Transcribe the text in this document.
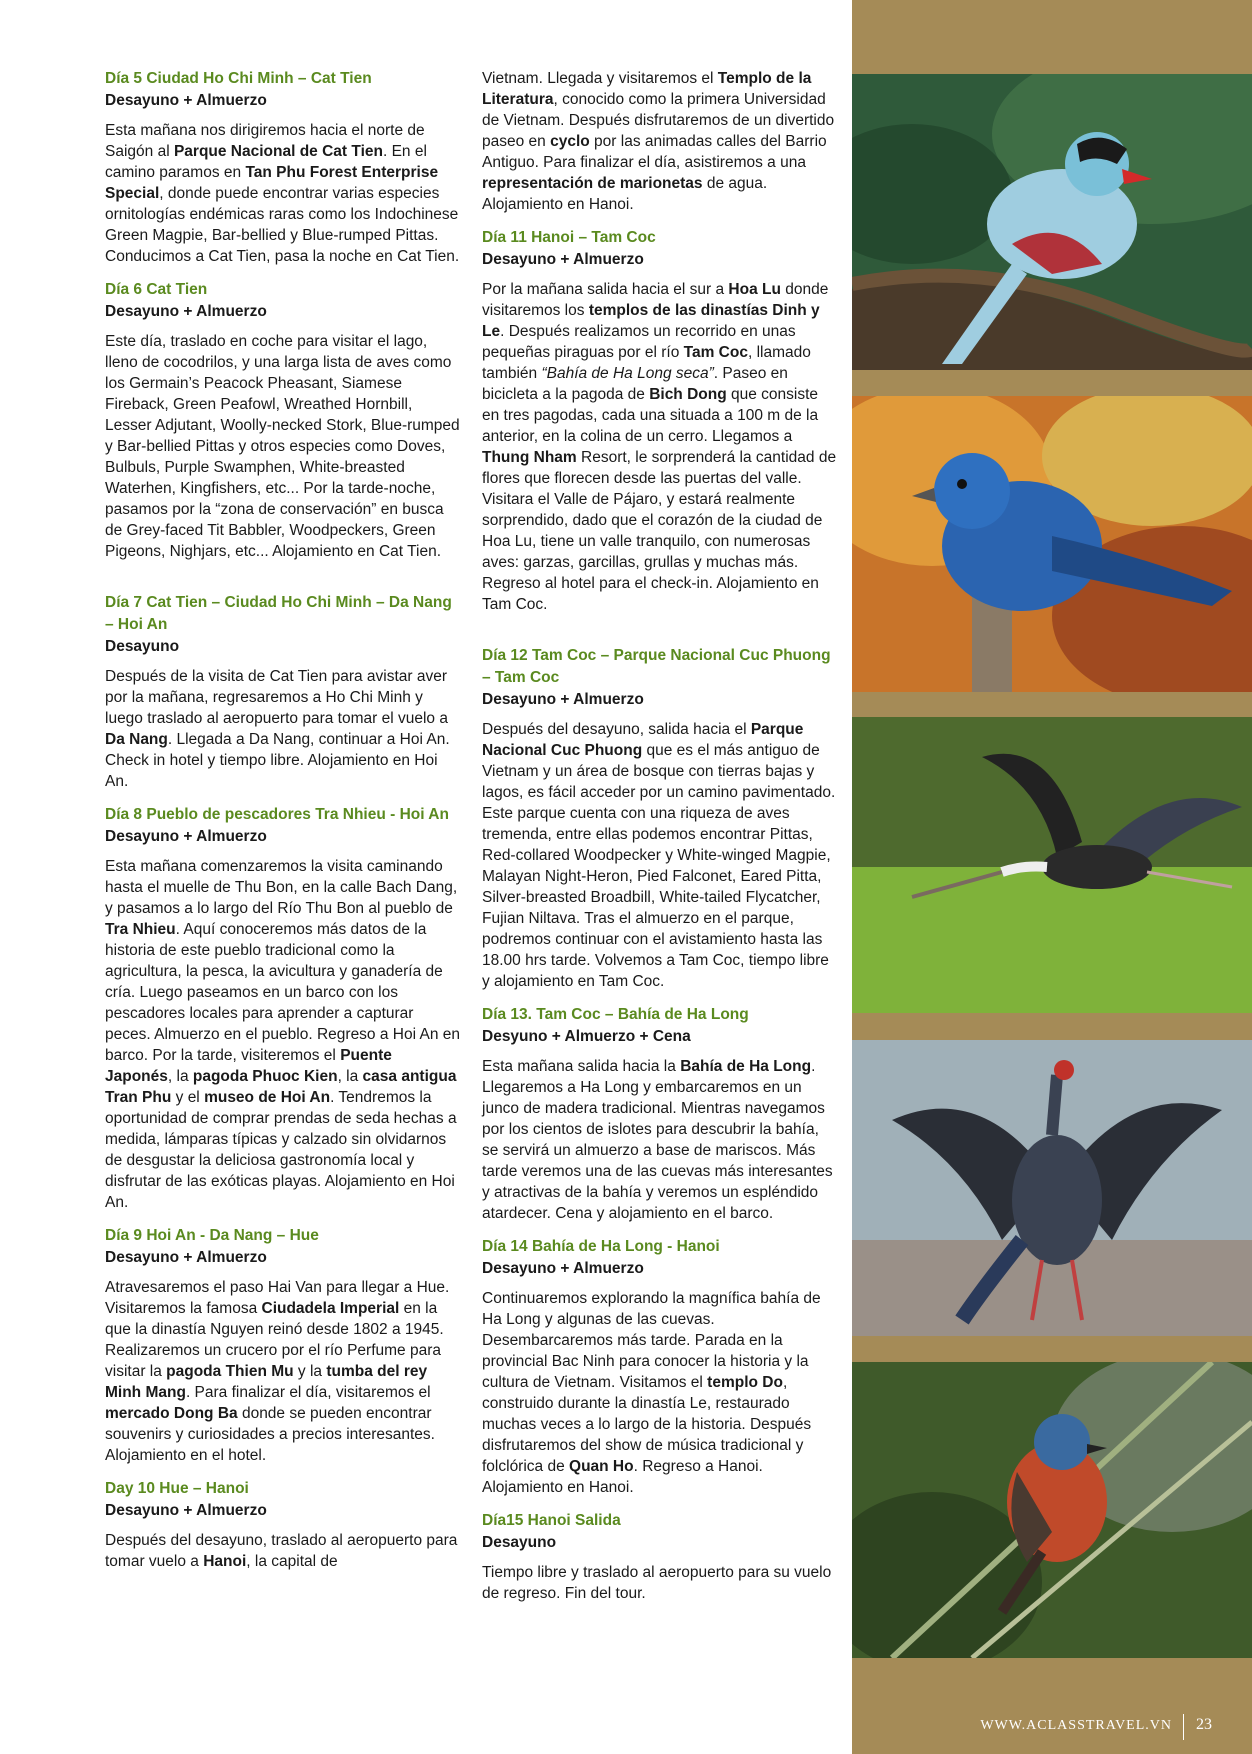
Día 5 Ciudad Ho Chi Minh – Cat Tien

Desayuno + Almuerzo

Esta mañana nos dirigiremos hacia el norte de Saigón al Parque Nacional de Cat Tien. En el camino paramos en Tan Phu Forest Enterprise Special, donde puede encontrar varias especies ornitologías endémicas raras como los Indochinese Green Magpie, Bar-bellied y Blue-rumped Pittas. Conducimos a Cat Tien, pasa la noche en Cat Tien.

Día 6 Cat Tien

Desayuno + Almuerzo

Este día, traslado en coche para visitar el lago, lleno de cocodrilos, y una larga lista de aves como los Germain’s Peacock Pheasant, Siamese Fireback, Green Peafowl, Wreathed Hornbill, Lesser Adjutant, Woolly-necked Stork, Blue-rumped y Bar-bellied Pittas y otros especies como Doves, Bulbuls, Purple Swamphen, White-breasted Waterhen, Kingfishers, etc... Por la tarde-noche, pasamos por la “zona de conservación” en busca de Grey-faced Tit Babbler, Woodpeckers, Green Pigeons, Nighjars, etc... Alojamiento en Cat Tien.

Día 7 Cat Tien – Ciudad Ho Chi Minh – Da Nang – Hoi An

Desayuno

Después de la visita de Cat Tien para avistar aver por la mañana, regresaremos a Ho Chi Minh y luego traslado al aeropuerto para tomar el vuelo a Da Nang. Llegada a Da Nang, continuar a Hoi An. Check in hotel y tiempo libre. Alojamiento en Hoi An.

Día 8 Pueblo de pescadores Tra Nhieu - Hoi An

Desayuno + Almuerzo

Esta mañana comenzaremos la visita caminando hasta el muelle de Thu Bon, en la calle Bach Dang, y pasamos a lo largo del Río Thu Bon al pueblo de Tra Nhieu. Aquí conoceremos más datos de la historia de este pueblo tradicional como la agricultura, la pesca, la avicultura y ganadería de cría. Luego paseamos en un barco con los pescadores locales para aprender a capturar peces. Almuerzo en el pueblo. Regreso a Hoi An en barco. Por la tarde, visiteremos el Puente Japonés, la pagoda Phuoc Kien, la casa antigua Tran Phu y el museo de Hoi An. Tendremos la oportunidad de comprar prendas de seda hechas a medida, lámparas típicas y calzado sin olvidarnos de desgustar la deliciosa gastronomía local y disfrutar de las exóticas playas. Alojamiento en Hoi An.

Día 9 Hoi An - Da Nang – Hue

Desayuno + Almuerzo

Atravesaremos el paso Hai Van para llegar a Hue. Visitaremos la famosa Ciudadela Imperial en la que la dinastía Nguyen reinó desde 1802 a 1945. Realizaremos un crucero por el río Perfume para visitar la pagoda Thien Mu y la tumba del rey Minh Mang. Para finalizar el día, visitaremos el mercado Dong Ba donde se pueden encontrar souvenirs y curiosidades a precios interesantes. Alojamiento en el hotel.

Day 10 Hue – Hanoi

Desayuno + Almuerzo

Después del desayuno, traslado al aeropuerto para tomar vuelo a Hanoi, la capital de

Vietnam. Llegada y visitaremos el Templo de la Literatura, conocido como la primera Universidad de Vietnam. Después disfrutaremos de un divertido paseo en cyclo por las animadas calles del Barrio Antiguo. Para finalizar el día, asistiremos a una representación de marionetas de agua. Alojamiento en Hanoi.

Día 11 Hanoi – Tam Coc

Desayuno + Almuerzo

Por la mañana salida hacia el sur a Hoa Lu donde visitaremos los templos de las dinastías Dinh y Le. Después realizamos un recorrido en unas pequeñas piraguas por el río Tam Coc, llamado también “Bahía de Ha Long seca”. Paseo en bicicleta a la pagoda de Bich Dong que consiste en tres pagodas, cada una situada a 100 m de la anterior, en la colina de un cerro. Llegamos a Thung Nham Resort, le sorprenderá la cantidad de flores que florecen desde las puertas del valle. Visitara el Valle de Pájaro, y estará realmente sorprendido, dado que el corazón de la ciudad de Hoa Lu, tiene un valle tranquilo, con numerosas aves: garzas, garcillas, grullas y muchas más. Regreso al hotel para el check-in. Alojamiento en Tam Coc.

Día 12 Tam Coc – Parque Nacional Cuc Phuong – Tam Coc

Desayuno + Almuerzo

Después del desayuno, salida hacia el Parque Nacional Cuc Phuong que es el más antiguo de Vietnam y un área de bosque con tierras bajas y lagos, es fácil acceder por un camino pavimentado. Este parque cuenta con una riqueza de aves tremenda, entre ellas podemos encontrar Pittas, Red-collared Woodpecker y White-winged Magpie, Malayan Night-Heron, Pied Falconet, Eared Pitta, Silver-breasted Broadbill, White-tailed Flycatcher, Fujian Niltava. Tras el almuerzo en el parque, podremos continuar con el avistamiento hasta las 18.00 hrs tarde. Volvemos a Tam Coc, tiempo libre y alojamiento en Tam Coc.

Día 13. Tam Coc – Bahía de Ha Long

Desyuno + Almuerzo + Cena

Esta mañana salida hacia la Bahía de Ha Long. Llegaremos a Ha Long y embarcaremos en un junco de madera tradicional. Mientras navegamos por los cientos de islotes para descubrir la bahía, se servirá un almuerzo a base de mariscos. Más tarde veremos una de las cuevas más interesantes y atractivas de la bahía y veremos un espléndido atardecer. Cena y alojamiento en el barco.

Día 14 Bahía de Ha Long - Hanoi

Desayuno + Almuerzo

Continuaremos explorando la magnífica bahía de Ha Long y algunas de las cuevas. Desembarcaremos más tarde. Parada en la provincial Bac Ninh para conocer la historia y la cultura de Vietnam. Visitamos el templo Do, construido durante la dinastía Le, restaurado muchas veces a lo largo de la historia. Después disfrutaremos del show de música tradicional y folclórica de Quan Ho. Regreso a Hanoi. Alojamiento en Hanoi.

Día15 Hanoi Salida

Desayuno

Tiempo libre y traslado al aeropuerto para su vuelo de regreso. Fin del tour.

WWW.ACLASSTRAVEL.VN 23
